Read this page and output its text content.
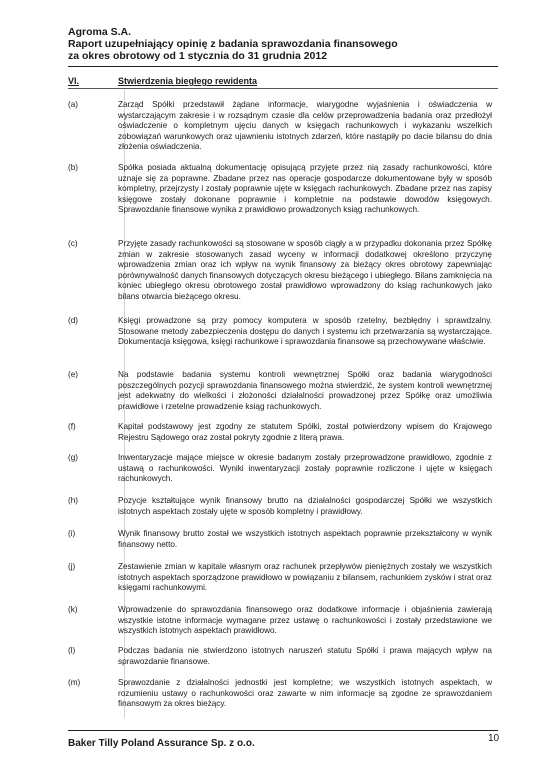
Agroma S.A.
Raport uzupełniający opinię z badania sprawozdania finansowego
za okres obrotowy od 1 stycznia do 31 grudnia 2012
VI.	Stwierdzenia biegłego rewidenta
(a)	Zarząd Spółki przedstawił żądane informacje, wiarygodne wyjaśnienia i oświadczenia w wystarczającym zakresie i w rozsądnym czasie dla celów przeprowadzenia badania oraz przedłożył oświadczenie o kompletnym ujęciu danych w księgach rachunkowych i wykazaniu wszelkich zobowiązań warunkowych oraz ujawnieniu istotnych zdarzeń, które nastąpiły po dacie bilansu do dnia złożenia oświadczenia.
(b)	Spółka posiada aktualną dokumentację opisującą przyjęte przez nią zasady rachunkowości, które uznaje się za poprawne. Zbadane przez nas operacje gospodarcze dokumentowane były w sposób kompletny, przejrzysty i zostały poprawnie ujęte w księgach rachunkowych. Zbadane przez nas zapisy księgowe zostały dokonane poprawnie i kompletnie na podstawie dowodów księgowych. Sprawozdanie finansowe wynika z prawidłowo prowadzonych ksiąg rachunkowych.
(c)	Przyjęte zasady rachunkowości są stosowane w sposób ciągły a w przypadku dokonania przez Spółkę zmian w zakresie stosowanych zasad wyceny w informacji dodatkowej określono przyczynę wprowadzenia zmian oraz ich wpływ na wynik finansowy za bieżący okres obrotowy zapewniając porównywalność danych finansowych dotyczących okresu bieżącego i ubiegłego. Bilans zamknięcia na koniec ubiegłego okresu obrotowego został prawidłowo wprowadzony do ksiąg rachunkowych jako bilans otwarcia bieżącego okresu.
(d)	Księgi prowadzone są przy pomocy komputera w sposób rzetelny, bezbłędny i sprawdzalny. Stosowane metody zabezpieczenia dostępu do danych i systemu ich przetwarzania są wystarczające. Dokumentacja księgowa, księgi rachunkowe i sprawozdania finansowe są przechowywane właściwie.
(e)	Na podstawie badania systemu kontroli wewnętrznej Spółki oraz badania wiarygodności poszczególnych pozycji sprawozdania finansowego można stwierdzić, że system kontroli wewnętrznej jest adekwatny do wielkości i złożoności działalności prowadzonej przez Spółkę oraz umożliwia prawidłowe i rzetelne prowadzenie ksiąg rachunkowych.
(f)	Kapitał podstawowy jest zgodny ze statutem Spółki, został potwierdzony wpisem do Krajowego Rejestru Sądowego oraz został pokryty zgodnie z literą prawa.
(g)	Inwentaryzacje mające miejsce w okresie badanym zostały przeprowadzone prawidłowo, zgodnie z ustawą o rachunkowości. Wyniki inwentaryzacji zostały poprawnie rozliczone i ujęte w księgach rachunkowych.
(h)	Pozycje kształtujące wynik finansowy brutto na działalności gospodarczej Spółki we wszystkich istotnych aspektach zostały ujęte w sposób kompletny i prawidłowy.
(i)	Wynik finansowy brutto został we wszystkich istotnych aspektach poprawnie przekształcony w wynik finansowy netto.
(j)	Zestawienie zmian w kapitale własnym oraz rachunek przepływów pieniężnych zostały we wszystkich istotnych aspektach sporządzone prawidłowo w powiązaniu z bilansem, rachunkiem zysków i strat oraz księgami rachunkowymi.
(k)	Wprowadzenie do sprawozdania finansowego oraz dodatkowe informacje i objaśnienia zawierają wszystkie istotne informacje wymagane przez ustawę o rachunkowości i zostały przedstawione we wszystkich istotnych aspektach prawidłowo.
(l)	Podczas badania nie stwierdzono istotnych naruszeń statutu Spółki i prawa mających wpływ na sprawozdanie finansowe.
(m)	Sprawozdanie z działalności jednostki jest kompletne; we wszystkich istotnych aspektach, w rozumieniu ustawy o rachunkowości oraz zawarte w nim informacje są zgodne ze sprawozdaniem finansowym za okres bieżący.
Baker Tilly Poland Assurance Sp. z o.o.	10
